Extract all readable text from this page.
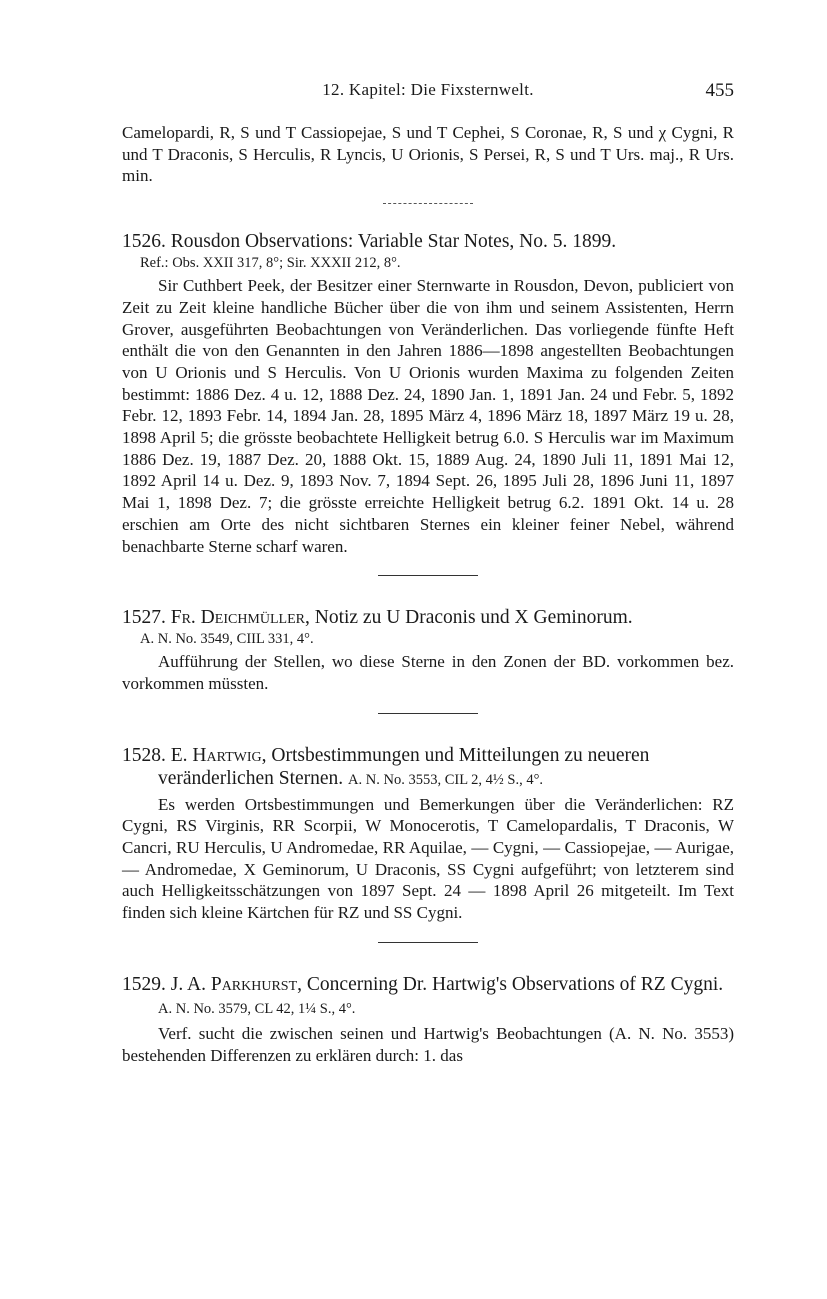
12. Kapitel: Die Fixsternwelt.	455

Camelopardi, R, S und T Cassiopejae, S und T Cephei, S Coronae, R, S und χ Cygni, R und T Draconis, S Herculis, R Lyncis, U Orionis, S Persei, R, S und T Urs. maj., R Urs. min.

1526. Rousdon Observations: Variable Star Notes, No. 5. 1899.

Ref.: Obs. XXII 317, 8°; Sir. XXXII 212, 8°.

Sir Cuthbert Peek, der Besitzer einer Sternwarte in Rousdon, Devon, publiciert von Zeit zu Zeit kleine handliche Bücher über die von ihm und seinem Assistenten, Herrn Grover, ausgeführten Beobachtungen von Veränderlichen. Das vorliegende fünfte Heft enthält die von den Genannten in den Jahren 1886—1898 angestellten Beobachtungen von U Orionis und S Herculis. Von U Orionis wurden Maxima zu folgenden Zeiten bestimmt: 1886 Dez. 4 u. 12, 1888 Dez. 24, 1890 Jan. 1, 1891 Jan. 24 und Febr. 5, 1892 Febr. 12, 1893 Febr. 14, 1894 Jan. 28, 1895 März 4, 1896 März 18, 1897 März 19 u. 28, 1898 April 5; die grösste beobachtete Helligkeit betrug 6.0. S Herculis war im Maximum 1886 Dez. 19, 1887 Dez. 20, 1888 Okt. 15, 1889 Aug. 24, 1890 Juli 11, 1891 Mai 12, 1892 April 14 u. Dez. 9, 1893 Nov. 7, 1894 Sept. 26, 1895 Juli 28, 1896 Juni 11, 1897 Mai 1, 1898 Dez. 7; die grösste erreichte Helligkeit betrug 6.2. 1891 Okt. 14 u. 28 erschien am Orte des nicht sichtbaren Sternes ein kleiner feiner Nebel, während benachbarte Sterne scharf waren.

1527. Fr. Deichmüller, Notiz zu U Draconis und X Geminorum.

A. N. No. 3549, CIIL 331, 4°.

Aufführung der Stellen, wo diese Sterne in den Zonen der BD. vorkommen bez. vorkommen müssten.

1528. E. Hartwig, Ortsbestimmungen und Mitteilungen zu neueren veränderlichen Sternen. A. N. No. 3553, CIL 2, 4½ S., 4°.

Es werden Ortsbestimmungen und Bemerkungen über die Veränderlichen: RZ Cygni, RS Virginis, RR Scorpii, W Monocerotis, T Camelopardalis, T Draconis, W Cancri, RU Herculis, U Andromedae, RR Aquilae, — Cygni, — Cassiopejae, — Aurigae, — Andromedae, X Geminorum, U Draconis, SS Cygni aufgeführt; von letzterem sind auch Helligkeitsschätzungen von 1897 Sept. 24 — 1898 April 26 mitgeteilt. Im Text finden sich kleine Kärtchen für RZ und SS Cygni.

1529. J. A. Parkhurst, Concerning Dr. Hartwig's Observations of RZ Cygni. A. N. No. 3579, CL 42, 1¼ S., 4°.

Verf. sucht die zwischen seinen und Hartwig's Beobachtungen (A. N. No. 3553) bestehenden Differenzen zu erklären durch: 1. das
